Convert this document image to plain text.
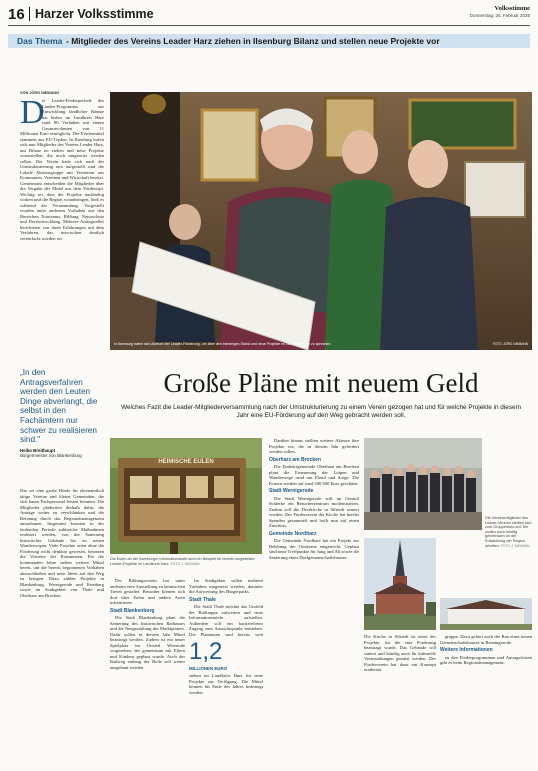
16 Harzer Volksstimme	Volksstimme
Donnerstag, 26. Februar 2026
Das Thema - Mitglieder des Vereins Leader Harz ziehen in Ilsenburg Bilanz und stellen neue Projekte vor
VON JÖRG NIEMANN
D
ie Leader-Förderperiode des Landes-Programms zur Entwicklung ländlicher Räume hat bisher im Landkreis Harz rund 80 Vorhaben mit einem Gesamtvolumen von 11 Millionen Euro ermöglicht. Die Fördermittel stammen aus EU-Töpfen. In Ilsenburg trafen sich nun Mitglieder des Vereins Leader Harz, um Bilanz zu ziehen und neue Projekte vorzustellen, die noch umgesetzt werden sollen. Der Verein hatte sich nach der Umstrukturierung neu aufgestellt und die Lokale Aktionsgruppe mit Vertretern aus Kommunen, Vereinen und Wirtschaft besetzt. Gemeinsam entscheiden die Mitglieder über die Vergabe der Mittel aus dem Fördertopf. Wichtig sei, dass die Projekte nachhaltig wirken und die Region voranbringen, hieß es während der Versammlung. Vorgestellt wurden unter anderem Vorhaben aus den Bereichen Tourismus, Bildung, Naturschutz und Dorfentwicklung. Mehrere Antragsteller berichteten von ihren Erfahrungen mit dem Verfahren, das inzwischen deutlich vereinfacht worden sei.
In Ilsenburg trafen sich Akteure der Leader-Förderung, um über den bisherigen Stand und neue Projekte im Landkreis Harz zu sprechen.	FOTO: JÖRG NIEMANN
„In den Antragsverfahren werden den Leuten Dinge abverlangt, die selbst in den Fachämtern nur schwer zu realisieren sind."
Heiko Breithaupt
Bürgermeister von Blankenburg
Das sei eine große Hürde für ehrenamtlich tätige Vereine und kleine Gemeinden, die sich kaum Fachpersonal leisten könnten. Die Mitglieder plädierten deshalb dafür, die Anträge weiter zu verschlanken und die Beratung durch das Regionalmanagement auszubauen. Insgesamt konnten in der laufenden Periode zahlreiche Maßnahmen realisiert werden, von der Sanierung historischer Gebäude bis zu neuen Wanderwegen. Viele Projekte seien ohne die Förderung nicht denkbar gewesen, betonten die Vertreter der Kommunen. Für die kommenden Jahre stehen weitere Mittel bereit, um die bereits begonnenen Vorhaben abzuschließen und neue Ideen auf den Weg zu bringen. Dazu zählen Projekte in Blankenburg, Wernigerode und Ilsenburg sowie im Stadtgebiet von Thale und Oberharz am Brocken.
Große Pläne mit neuem Geld
Welches Fazit die Leader-Mitgliederversammlung nach der Umstrukturierung zu einem Verein gezogen hat und für welche Projekte in diesem Jahr eine EU-Förderung auf den Weg gebracht werden soll.
HEIMISCHE EULEN
Die Eulen an der Ilsenburger Informationstafel sind ein Beispiel für bereits umgesetzte Leader-Projekte im Landkreis Harz. FOTO: J. NIEMANN

Der Bildungsverein hat unter anderem eine Ausstellung zu heimischen Tieren gestaltet. Besucher können sich dort über Eulen und andere Arten informieren.

Stadt Blankenburg

Die Stadt Blankenburg plant die Sanierung des historischen Rathauses und die Neugestaltung des Marktplatzes. Dafür sollen in diesem Jahr Mittel beantragt werden. Zudem ist ein neuer Spielplatz im Ortsteil Wienrode vorgesehen, der gemeinsam mit Eltern und Kindern geplant wurde. Auch der Radweg entlang der Bode soll weiter ausgebaut werden.

Im Stadtgebiet sollen mehrere Vorhaben umgesetzt werden, darunter die Aufwertung des Bürgerparks.

Stadt Thale

Die Stadt Thale möchte das Umfeld der Roßtrappe aufwerten und neue Informationstafeln aufstellen. Außerdem soll ein barrierefreier Zugang zum Aussichtspunkt entstehen. Die Planungen sind bereits weit

1,2
MILLIONEN EURO
stehen im Landkreis Harz für neue Projekte zur Verfügung. Die Mittel können bis Ende des Jahres beantragt werden.

Darüber hinaus stellten weitere Akteure ihre Projekte vor, die in diesem Jahr gefördert werden sollen.

Oberharz am Brocken

Die Einheitsgemeinde Oberharz am Brocken plant die Erneuerung der Loipen und Wanderwege rund um Elend und Sorge. Die Kosten werden auf rund 300 000 Euro geschätzt.

Stadt Wernigerode

Die Stadt Wernigerode will im Ortsteil Schierke ein Besucherzentrum modernisieren. Zudem soll die Dorfkirche in Silstedt saniert werden. Der Förderverein der Kirche hat bereits Spenden gesammelt und hofft nun auf einen Zuschuss.

Gemeinde Nordharz

Die Gemeinde Nordharz hat ein Projekt zur Belebung der Ortskerne eingereicht. Geplant sind neue Treffpunkte für Jung und Alt sowie die Sanierung eines Dorfgemeinschaftshauses.

Die Vereinsmitglieder des Leader-Vereins stellten sich zum Gruppenfoto auf. Sie wollen auch künftig gemeinsam an der Entwicklung der Region arbeiten. FOTO: J. NIEMANN
Die Kirche in Silstedt ist eines der Projekte, für die eine Förderung beantragt wurde. Das Gebäude soll saniert und künftig auch für kulturelle Veranstaltungen genutzt werden. Der Förderverein hat dazu ein Konzept erarbeitet.

gruppe. Dazu gehört auch der Bau eines neuen Gemeinschaftshauses in Benzingerode.

Weitere Informationen

zu den Förderprogrammen und Antragsfristen gibt es beim Regionalmanagement.
